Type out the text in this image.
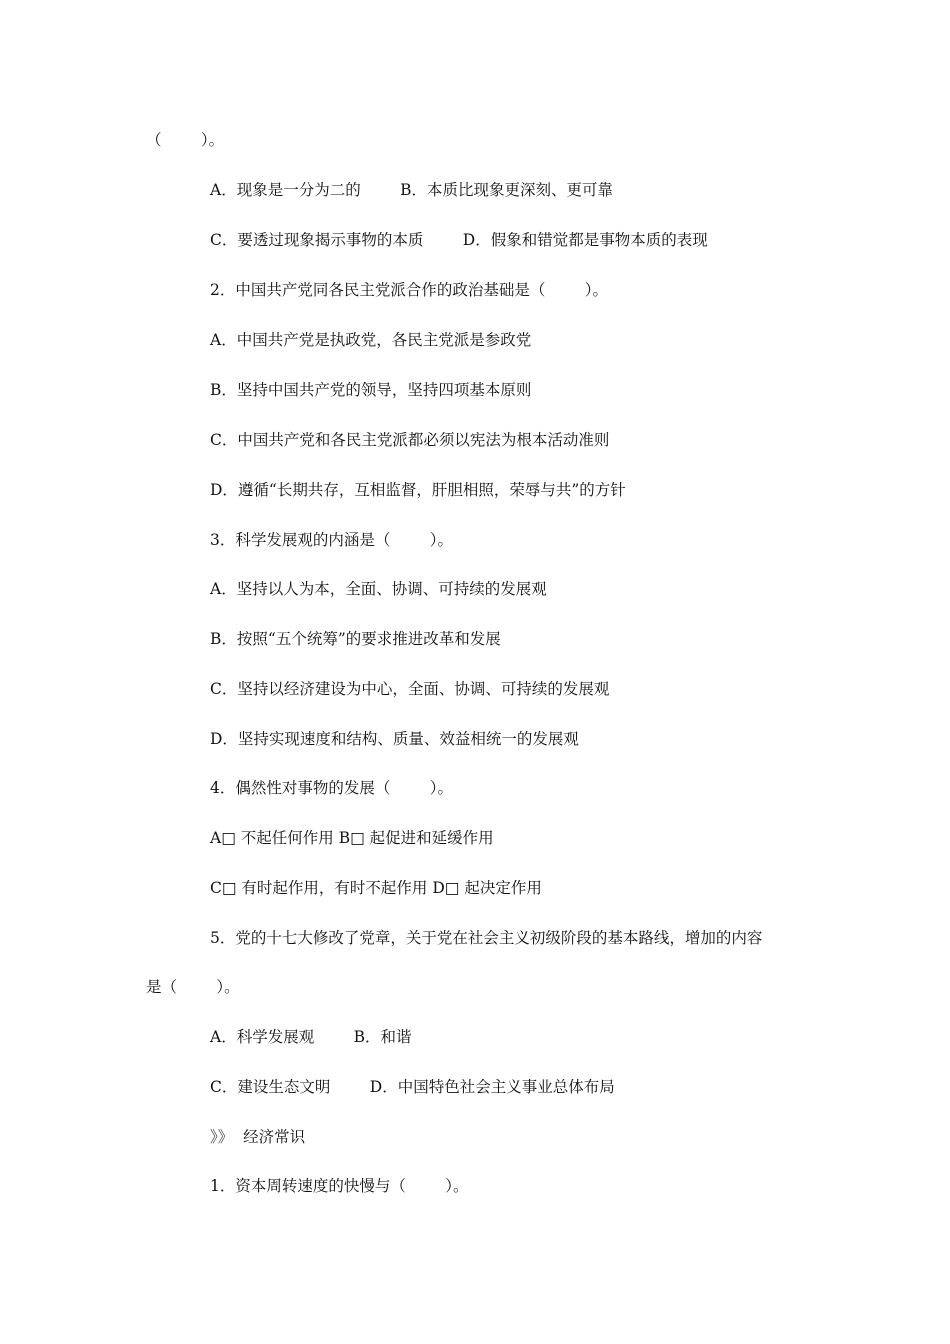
（        ）。
A．现象是一分为二的        B．本质比现象更深刻、更可靠
C．要透过现象揭示事物的本质        D．假象和错觉都是事物本质的表现
2．中国共产党同各民主党派合作的政治基础是（        ）。
A．中国共产党是执政党，各民主党派是参政党
B．坚持中国共产党的领导，坚持四项基本原则
C．中国共产党和各民主党派都必须以宪法为根本活动准则
D．遵循“长期共存，互相监督，肝胆相照，荣辱与共”的方针
3．科学发展观的内涵是（        ）。
A．坚持以人为本，全面、协调、可持续的发展观
B．按照“五个统筹”的要求推进改革和发展
C．坚持以经济建设为中心，全面、协调、可持续的发展观
D．坚持实现速度和结构、质量、效益相统一的发展观
4．偶然性对事物的发展（        ）。
A□ 不起任何作用 B□ 起促进和延缓作用
C□ 有时起作用，有时不起作用 D□ 起决定作用
5．党的十七大修改了党章，关于党在社会主义初级阶段的基本路线，增加的内容
是（        ）。
A．科学发展观        B．和谐
C．建设生态文明        D．中国特色社会主义事业总体布局
》》  经济常识
1．资本周转速度的快慢与（        ）。
